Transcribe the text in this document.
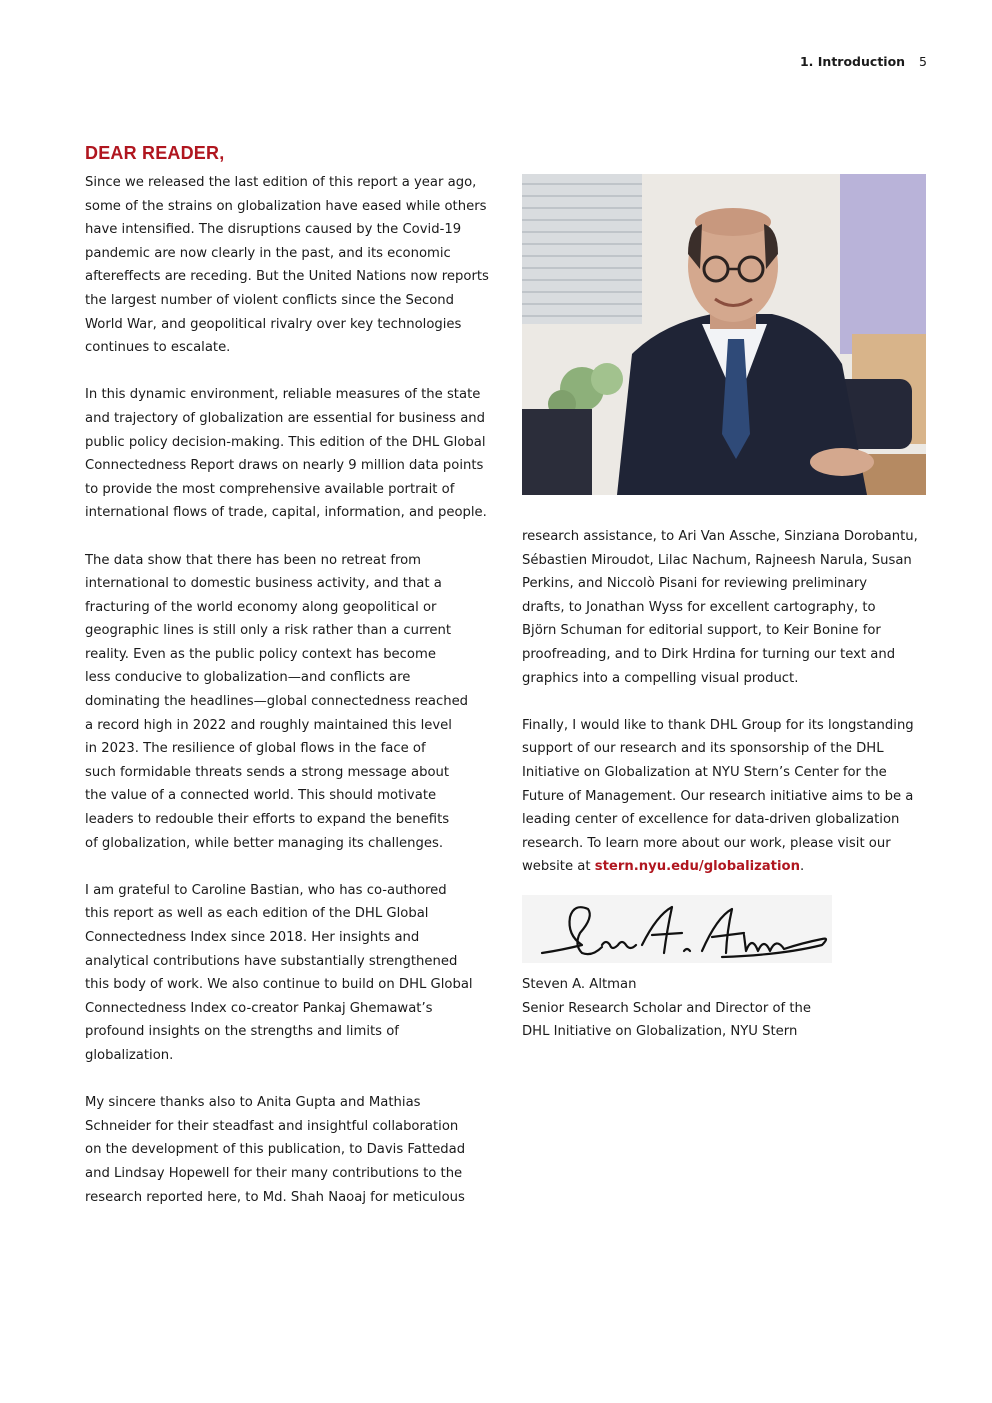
1. Introduction 5
DEAR READER,

Since we released the last edition of this report a year ago,
some of the strains on globalization have eased while others
have intensified. The disruptions caused by the Covid-19
pandemic are now clearly in the past, and its economic
aftereffects are receding. But the United Nations now reports
the largest number of violent conflicts since the Second
World War, and geopolitical rivalry over key technologies
continues to escalate.

In this dynamic environment, reliable measures of the state
and trajectory of globalization are essential for business and
public policy decision-making. This edition of the DHL Global
Connectedness Report draws on nearly 9 million data points
to provide the most comprehensive available portrait of
international flows of trade, capital, information, and people.

The data show that there has been no retreat from
international to domestic business activity, and that a
fracturing of the world economy along geopolitical or
geographic lines is still only a risk rather than a current
reality. Even as the public policy context has become
less conducive to globalization—and conflicts are
dominating the headlines—global connectedness reached
a record high in 2022 and roughly maintained this level
in 2023. The resilience of global flows in the face of
such formidable threats sends a strong message about
the value of a connected world. This should motivate
leaders to redouble their efforts to expand the benefits
of globalization, while better managing its challenges.

I am grateful to Caroline Bastian, who has co-authored
this report as well as each edition of the DHL Global
Connectedness Index since 2018. Her insights and
analytical contributions have substantially strengthened
this body of work. We also continue to build on DHL Global
Connectedness Index co-creator Pankaj Ghemawat’s
profound insights on the strengths and limits of
globalization.

My sincere thanks also to Anita Gupta and Mathias
Schneider for their steadfast and insightful collaboration
on the development of this publication, to Davis Fattedad
and Lindsay Hopewell for their many contributions to the
research reported here, to Md. Shah Naoaj for meticulous

research assistance, to Ari Van Assche, Sinziana Dorobantu,
Sébastien Miroudot, Lilac Nachum, Rajneesh Narula, Susan
Perkins, and Niccolò Pisani for reviewing preliminary
drafts, to Jonathan Wyss for excellent cartography, to
Björn Schuman for editorial support, to Keir Bonine for
proofreading, and to Dirk Hrdina for turning our text and
graphics into a compelling visual product.

Finally, I would like to thank DHL Group for its longstanding
support of our research and its sponsorship of the DHL
Initiative on Globalization at NYU Stern’s Center for the
Future of Management. Our research initiative aims to be a
leading center of excellence for data-driven globalization
research. To learn more about our work, please visit our
website at stern.nyu.edu/globalization.

Steven A. Altman
Senior Research Scholar and Director of the
DHL Initiative on Globalization, NYU Stern
